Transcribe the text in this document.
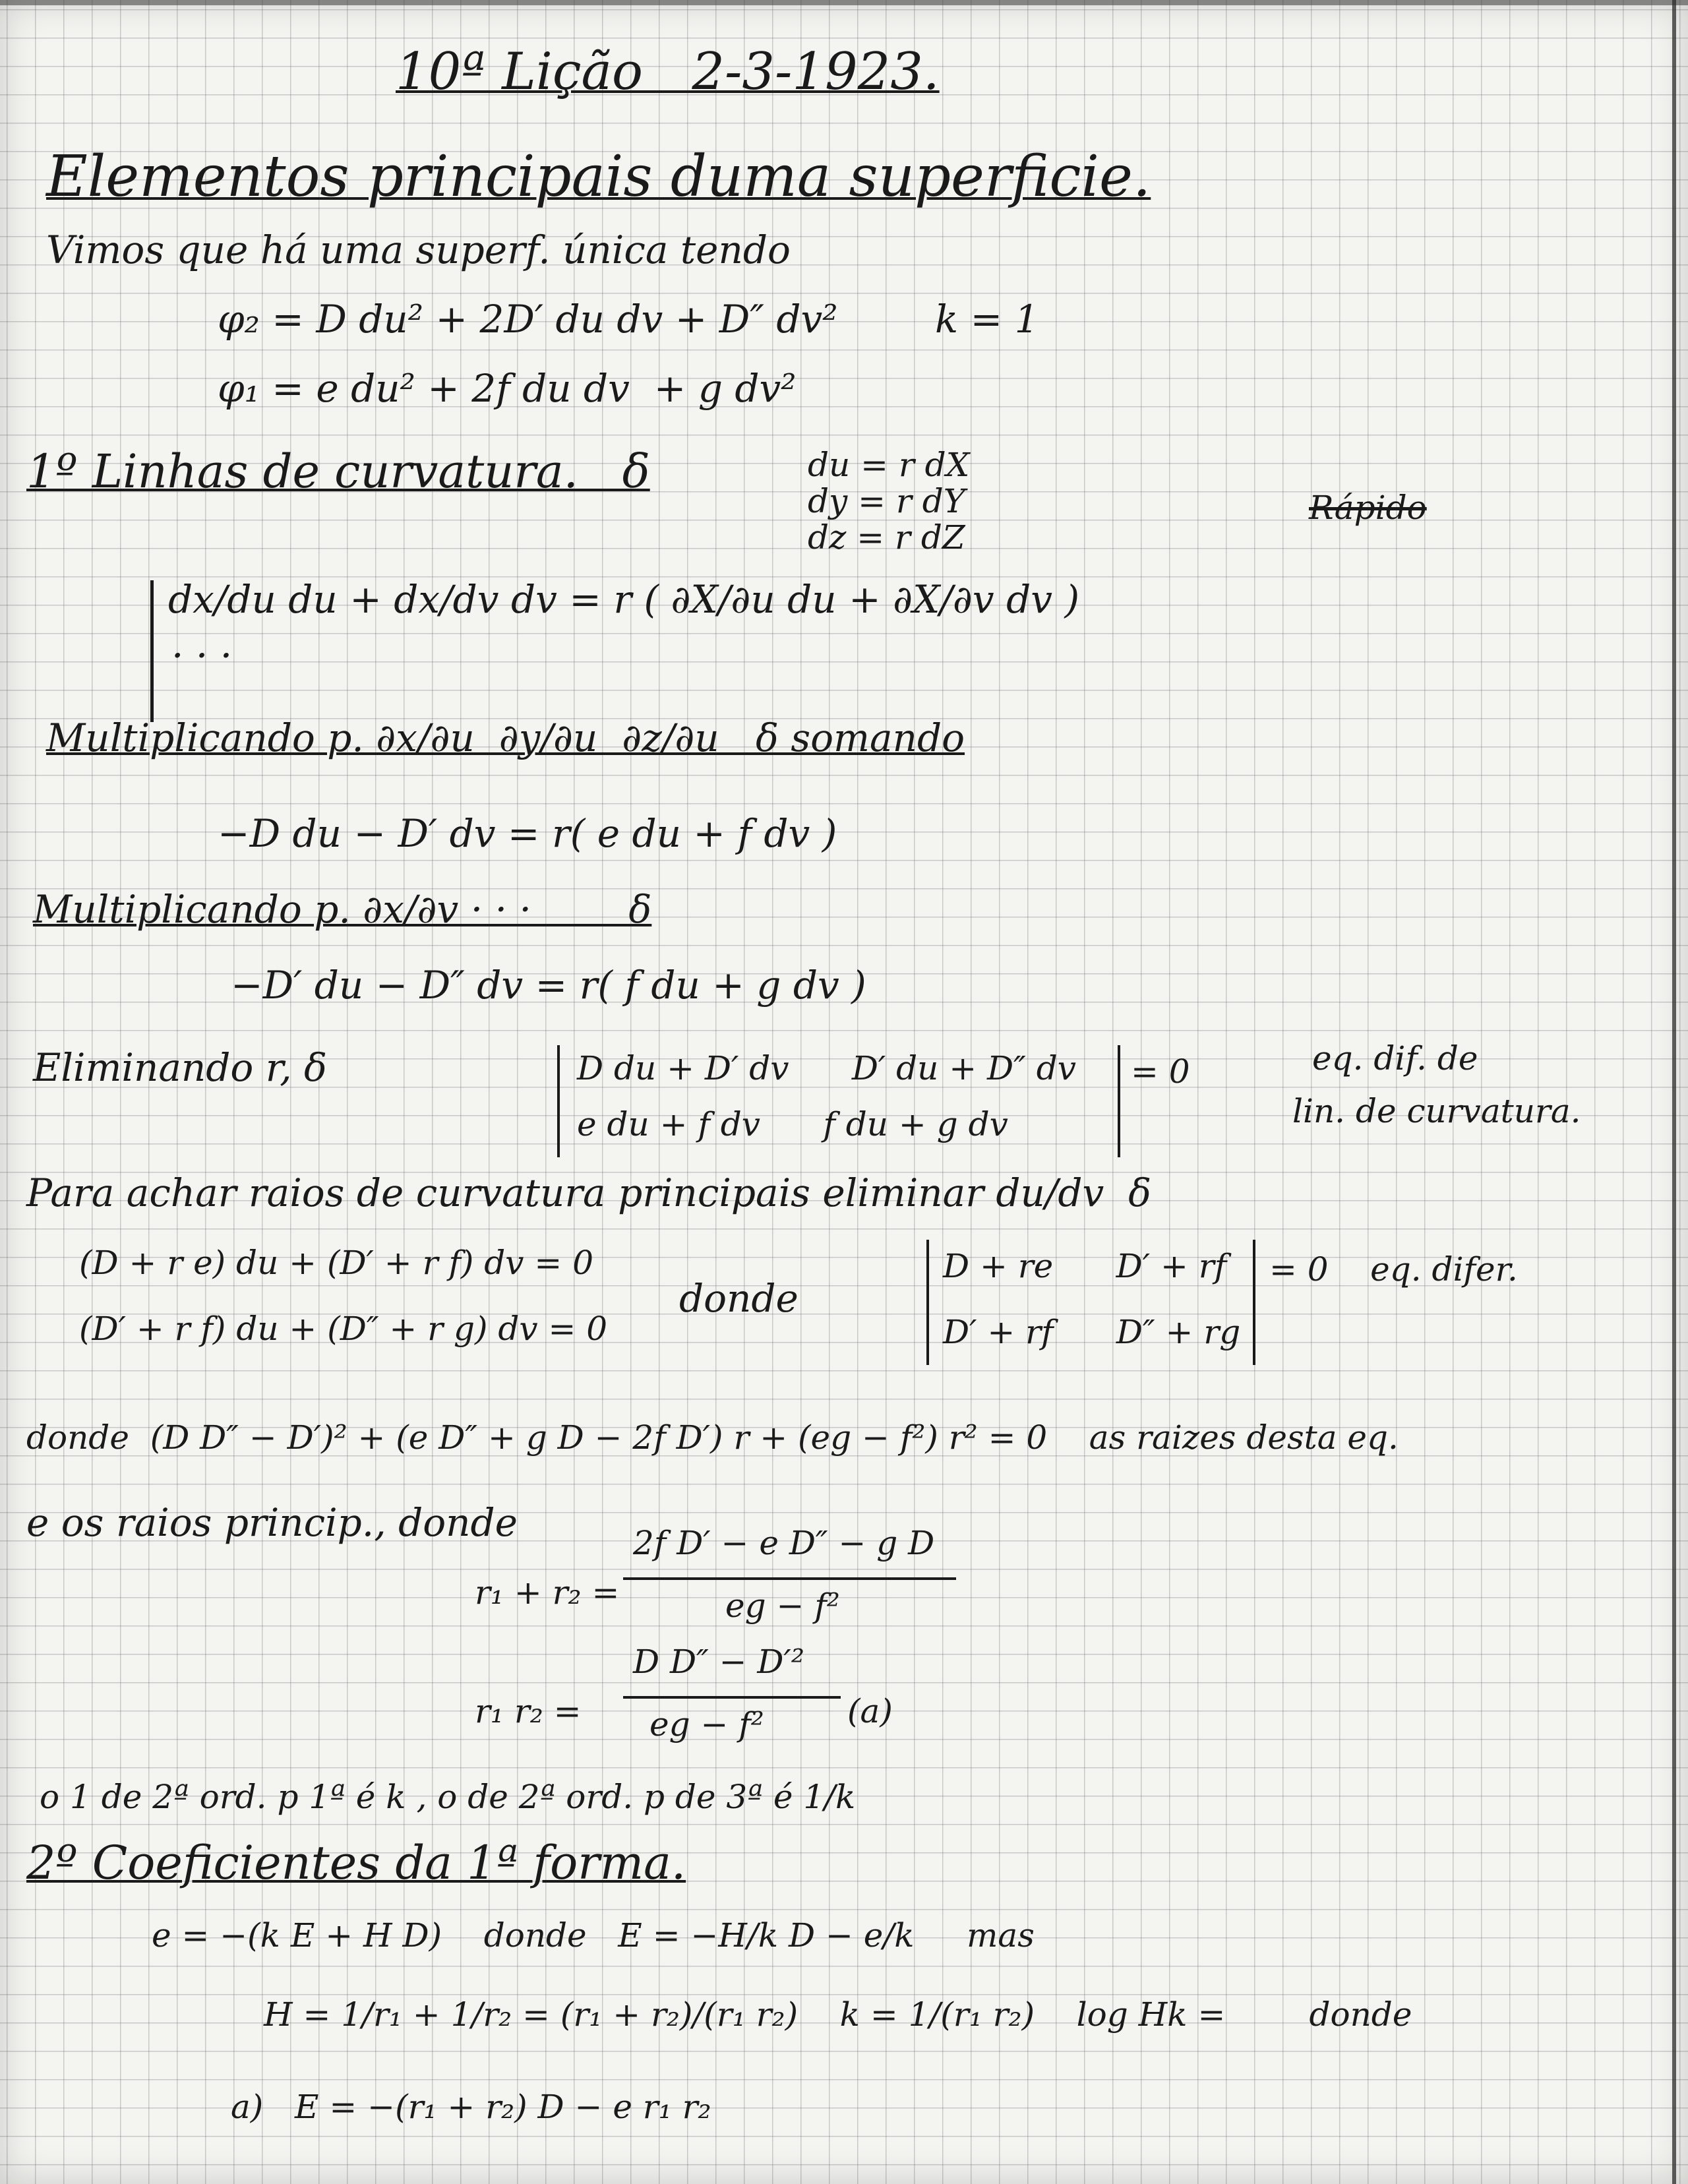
10ª Lição   2-3-1923.
Elementos principais duma superficie.
Vimos que há uma superf. única tendo
φ₂ = D du² + 2D′ du dv + D″ dv²        k = 1
φ₁ = e du² + 2f du dv  + g dv²
1º Linhas de curvatura.   δ	du = r dX
dy = r dY
dz = r dZ
Rápido
dx/du du + dx/dv dv = r ( ∂X/∂u du + ∂X/∂v dv )
· · ·
Multiplicando p. ∂x/∂u  ∂y/∂u  ∂z/∂u   δ somando
−D du − D′ dv = r( e du + f dv )
Multiplicando p. ∂x/∂v · · ·        δ
−D′ du − D″ dv = r( f du + g dv )
Eliminando r, δ	D du + D′ dv      D′ du + D″ dv
e du + f dv      f du + g dv
= 0	eq. dif. de
lin. de curvatura.
Para achar raios de curvatura principais eliminar du/dv  δ
(D + r e) du + (D′ + r f) dv = 0
(D′ + r f) du + (D″ + r g) dv = 0
donde
D + re      D′ + rf
D′ + rf      D″ + rg
= 0    eq. difer.
donde  (D D″ − D′)² + (e D″ + g D − 2f D′) r + (eg − f²) r² = 0    as raizes desta eq.
e os raios princip., donde
r₁ + r₂ =
2f D′ − e D″ − g D
eg − f²
r₁ r₂ =
D D″ − D′²
eg − f²	(a)
o 1 de 2ª ord. p 1ª é k , o de 2ª ord. p de 3ª é 1/k
2º Coeficientes da 1ª forma.
e = −(k E + H D)    donde   E = −H/k D − e/k     mas
H = 1/r₁ + 1/r₂ = (r₁ + r₂)/(r₁ r₂)    k = 1/(r₁ r₂)    log Hk =        donde
a)   E = −(r₁ + r₂) D − e r₁ r₂
